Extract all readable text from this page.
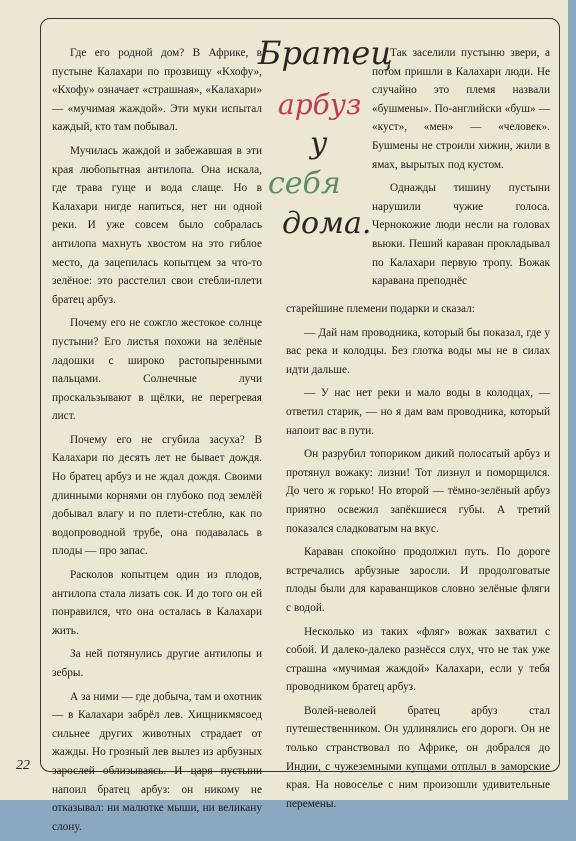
Братец
арбуз
у
себя
дома.

Где его родной дом? В Африке, в пустыне Калахари по прозвищу «Кхофу», «Кхофу» означает «страшная», «Калахари» — «мучимая жаждой». Эти муки испытал каждый, кто там побывал.

Мучилась жаждой и забежавшая в эти края любопытная антилопа. Она искала, где трава гуще и вода слаще. Но в Калахари нигде напиться, нет ни одной реки. И уже совсем было собралась антилопа махнуть хвостом на это гиблое место, да зацепилась копытцем за что-то зелёное: это расстелил свои стебли-плети братец арбуз.

Почему его не сожгло жестокое солнце пустыни? Его листья похожи на зелёные ладошки с широко растопыренными пальцами. Солнечные лучи проскальзывают в щёлки, не перегревая лист.

Почему его не сгубила засуха? В Калахари по десять лет не бывает дождя. Но братец арбуз и не ждал дождя. Своими длинными корнями он глубоко под землёй добывал влагу и по плети-стеблю, как по водопроводной трубе, она подавалась в плоды — про запас.

Расколов копытцем один из плодов, антилопа стала лизать сок. И до того он ей понравился, что она осталась в Калахари жить.

За ней потянулись другие антилопы и зебры.

А за ними — где добыча, там и охотник — в Калахари забрёл лев. Хищникмясоед сильнее других животных страдает от жажды. Но грозный лев вылез из арбузных зарослей облизываясь. И царя пустыни напоил братец арбуз: он никому не отказывал: ни малютке мыши, ни великану слону.

Так заселили пустыню звери, а потом пришли в Калахари люди. Не случайно это племя назвали «бушмены». По-английски «буш» — «куст», «мен» — «человек». Бушмены не строили хижин, жили в ямах, вырытых под кустом.

Однажды тишину пустыни нарушили чужие голоса. Чернокожие люди несли на головах вьюки. Пеший караван прокладывал по Калахари первую тропу. Вожак каравана преподнёс

старейшине племени подарки и сказал:

— Дай нам проводника, который бы показал, где у вас река и колодцы. Без глотка воды мы не в силах идти дальше.

— У нас нет реки и мало воды в колодцах, — ответил старик, — но я дам вам проводника, который напоит вас в пути.

Он разрубил топориком дикий полосатый арбуз и протянул вожаку: лизни! Тот лизнул и поморщился. До чего ж горько! Но второй — тёмно-зелёный арбуз приятно освежил запёкшиеся губы. А третий показался сладковатым на вкус.

Караван спокойно продолжил путь. По дороге встречались арбузные заросли. И продолговатые плоды были для караванщиков словно зелёные фляги с водой.

Несколько из таких «фляг» вожак захватил с собой. И далеко-далеко разнёсся слух, что не так уже страшна «мучимая жаждой» Калахари, если у тебя проводником братец арбуз.

Волей-неволей братец арбуз стал путешественником. Он удлинялись его дороги. Он не только странствовал по Африке, он добрался до Индии, с чужеземными купцами отплыл в заморские края. На новоселье с ним произошли удивительные перемены.

22
